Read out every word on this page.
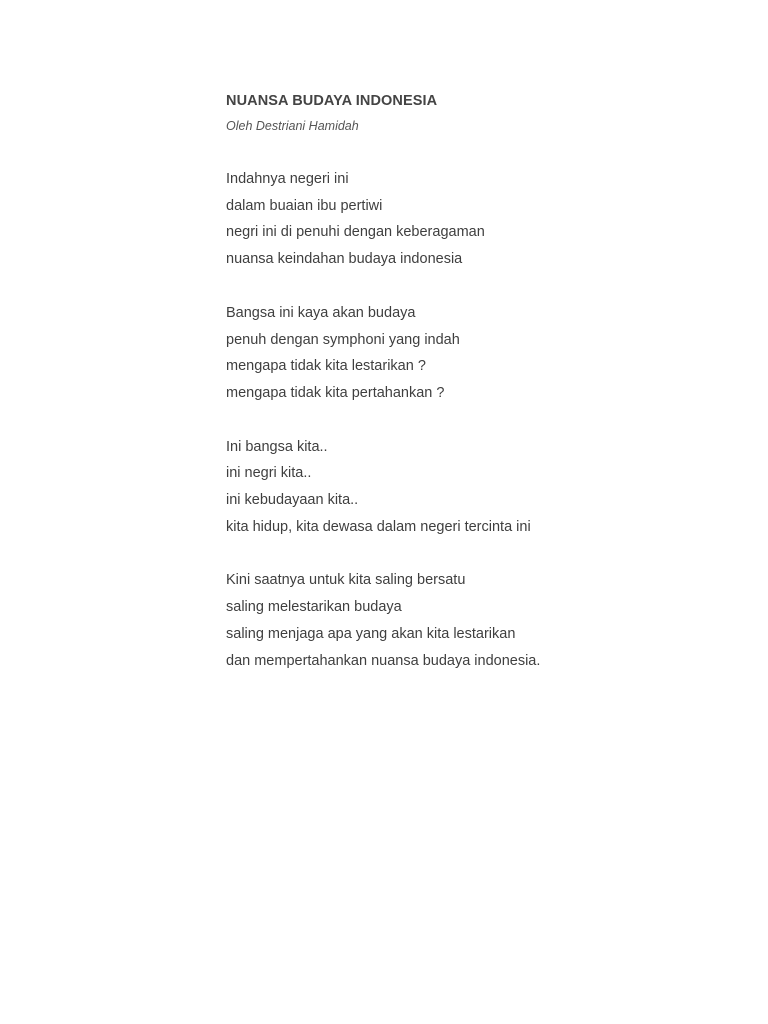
NUANSA BUDAYA INDONESIA

Oleh Destriani Hamidah

Indahnya negeri ini
dalam buaian ibu pertiwi
negri ini di penuhi dengan keberagaman
nuansa keindahan budaya indonesia
Bangsa ini kaya akan budaya
penuh dengan symphoni yang indah
mengapa tidak kita lestarikan ?
mengapa tidak kita pertahankan ?
Ini bangsa kita..
ini negri kita..
ini kebudayaan kita..
kita hidup, kita dewasa dalam negeri tercinta ini
Kini saatnya untuk kita saling bersatu
saling melestarikan budaya
saling menjaga apa yang akan kita lestarikan
dan mempertahankan nuansa budaya indonesia.
